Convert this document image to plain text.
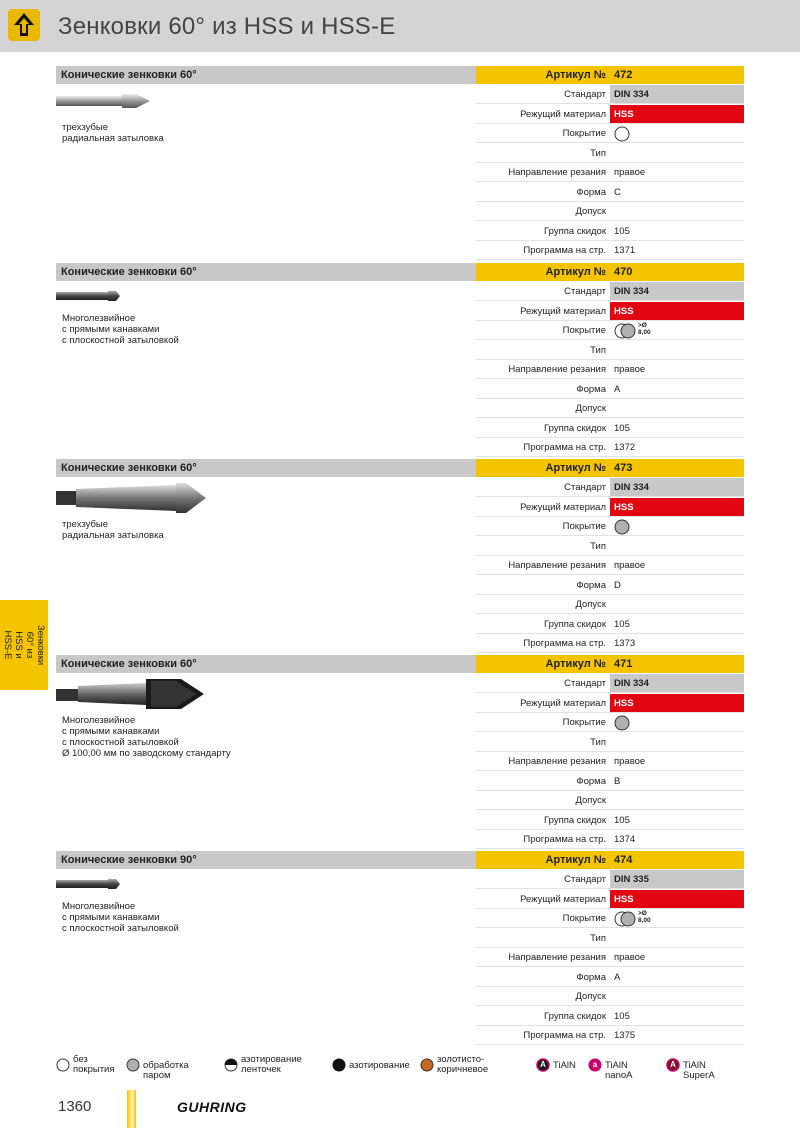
Зенковки 60° из HSS и HSS-E
Зенковки 60° из
HSS и HSS-E
Конические зенковки 60°	Артикул № 472
трехзубые
радиальная затыловка
Стандарт DIN 334
Режущий материал HSS
Покрытие
Тип
Направление резания правое
Форма C
Допуск
Группа скидок 105
Программа на стр. 1371
Конические зенковки 60°	Артикул № 470
Многолезвийное
с прямыми канавками
с плоскостной затыловкой
Стандарт DIN 334
Режущий материал HSS
Покрытие	>Ø
8,00
Тип
Направление резания правое
Форма A
Допуск
Группа скидок 105
Программа на стр. 1372
Конические зенковки 60°	Артикул № 473
трехзубые
радиальная затыловка
Стандарт DIN 334
Режущий материал HSS
Покрытие
Тип
Направление резания правое
Форма D
Допуск
Группа скидок 105
Программа на стр. 1373
Конические зенковки 60°	Артикул № 471
Многолезвийное
с прямыми канавками
с плоскостной затыловкой
Ø 100,00 мм по заводскому стандарту
Стандарт DIN 334
Режущий материал HSS
Покрытие
Тип
Направление резания правое
Форма B
Допуск
Группа скидок 105
Программа на стр. 1374
Конические зенковки 90°	Артикул № 474
Многолезвийное
с прямыми канавками
с плоскостной затыловкой
Стандарт DIN 335
Режущий материал HSS
Покрытие	>Ø
8,00
Тип
Направление резания правое
Форма A
Допуск
Группа скидок 105
Программа на стр. 1375
без
покрытия	обработка паром
азотирование
ленточек	азотирование
золотисто-
коричневое	A TiAlN	a TiAlN nanoA
A TiAlN SuperA
1360	GUHRING
